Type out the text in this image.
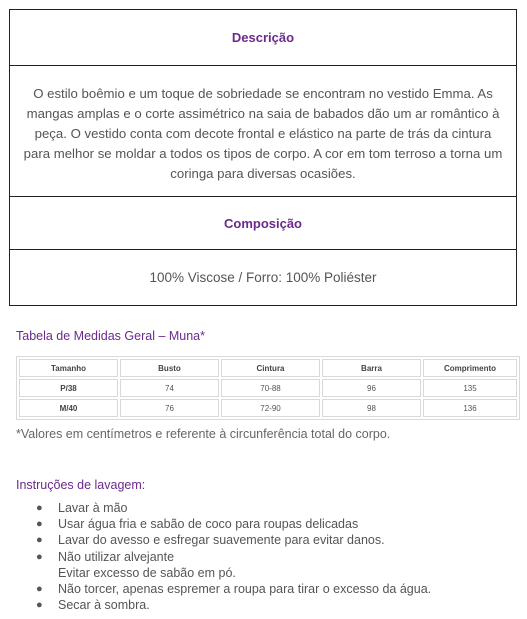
Descrição
O estilo boêmio e um toque de sobriedade se encontram no vestido Emma. As mangas amplas e o corte assimétrico na saia de babados dão um ar romântico à peça. O vestido conta com decote frontal e elástico na parte de trás da cintura para melhor se moldar a todos os tipos de corpo. A cor em tom terroso a torna um coringa para diversas ocasiões.
Composição
100% Viscose / Forro: 100% Poliéster
Tabela de Medidas Geral – Muna*
Tamanho	Busto	Cintura	Barra	Comprimento
P/38	74	70-88	96	135
M/40	76	72-90	98	136
*Valores em centímetros e referente à circunferência total do corpo.
Instruções de lavagem:
● Lavar à mão
● Usar água fria e sabão de coco para roupas delicadas
● Lavar do avesso e esfregar suavemente para evitar danos.
● Não utilizar alvejante
Evitar excesso de sabão em pó.
● Não torcer, apenas espremer a roupa para tirar o excesso da água.
● Secar à sombra.
